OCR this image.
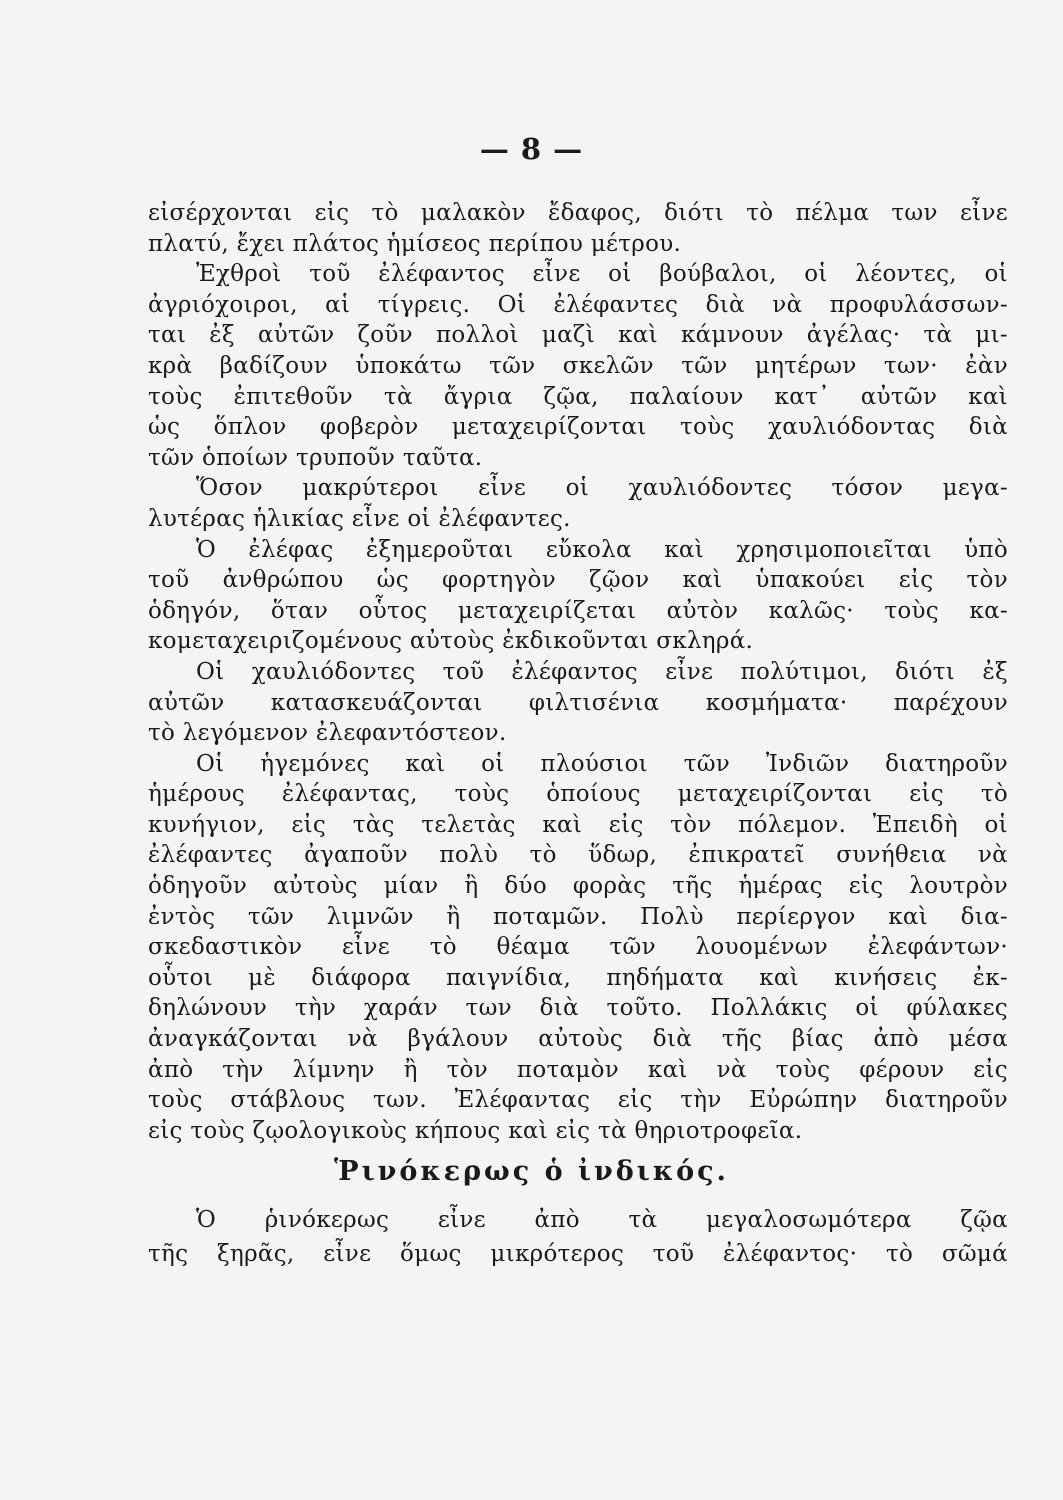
— 8 —
εἰσέρχονται εἰς τὸ μαλακὸν ἔδαφος, διότι τὸ πέλμα των εἶνε
πλατύ, ἔχει πλάτος ἡμίσεος περίπου μέτρου.
Ἐχθροὶ τοῦ ἐλέφαντος εἶνε οἱ βούβαλοι, οἱ λέοντες, οἱ
ἀγριόχοιροι, αἱ τίγρεις. Οἱ ἐλέφαντες διὰ νὰ προφυλάσσων-
ται ἐξ αὐτῶν ζοῦν πολλοὶ μαζὶ καὶ κάμνουν ἀγέλας· τὰ μι-
κρὰ βαδίζουν ὑποκάτω τῶν σκελῶν τῶν μητέρων των· ἐὰν
τοὺς ἐπιτεθοῦν τὰ ἄγρια ζῷα, παλαίουν κατ᾽ αὐτῶν καὶ
ὡς ὅπλον φοβερὸν μεταχειρίζονται τοὺς χαυλιόδοντας διὰ
τῶν ὁποίων τρυποῦν ταῦτα.
Ὅσον μακρύτεροι εἶνε οἱ χαυλιόδοντες τόσον μεγα-
λυτέρας ἡλικίας εἶνε οἱ ἐλέφαντες.
Ὁ ἐλέφας ἐξημεροῦται εὔκολα καὶ χρησιμοποιεῖται ὑπὸ
τοῦ ἀνθρώπου ὡς φορτηγὸν ζῷον καὶ ὑπακούει εἰς τὸν
ὁδηγόν, ὅταν οὗτος μεταχειρίζεται αὐτὸν καλῶς· τοὺς κα-
κομεταχειριζομένους αὐτοὺς ἐκδικοῦνται σκληρά.
Οἱ χαυλιόδοντες τοῦ ἐλέφαντος εἶνε πολύτιμοι, διότι ἐξ
αὐτῶν κατασκευάζονται φιλτισένια κοσμήματα· παρέχουν
τὸ λεγόμενον ἐλεφαντόστεον.
Οἱ ἡγεμόνες καὶ οἱ πλούσιοι τῶν Ἰνδιῶν διατηροῦν
ἡμέρους ἐλέφαντας, τοὺς ὁποίους μεταχειρίζονται εἰς τὸ
κυνήγιον, εἰς τὰς τελετὰς καὶ εἰς τὸν πόλεμον. Ἐπειδὴ οἱ
ἐλέφαντες ἀγαποῦν πολὺ τὸ ὕδωρ, ἐπικρατεῖ συνήθεια νὰ
ὁδηγοῦν αὐτοὺς μίαν ἢ δύο φορὰς τῆς ἡμέρας εἰς λουτρὸν
ἐντὸς τῶν λιμνῶν ἢ ποταμῶν. Πολὺ περίεργον καὶ δια-
σκεδαστικὸν εἶνε τὸ θέαμα τῶν λουομένων ἐλεφάντων·
οὗτοι μὲ διάφορα παιγνίδια, πηδήματα καὶ κινήσεις ἐκ-
δηλώνουν τὴν χαράν των διὰ τοῦτο. Πολλάκις οἱ φύλακες
ἀναγκάζονται νὰ βγάλουν αὐτοὺς διὰ τῆς βίας ἀπὸ μέσα
ἀπὸ τὴν λίμνην ἢ τὸν ποταμὸν καὶ νὰ τοὺς φέρουν εἰς
τοὺς στάβλους των. Ἐλέφαντας εἰς τὴν Εὐρώπην διατηροῦν
εἰς τοὺς ζῳολογικοὺς κήπους καὶ εἰς τὰ θηριοτροφεῖα.
Ῥινόκερως ὁ ἰνδικός.
Ὁ ῥινόκερως εἶνε ἀπὸ τὰ μεγαλοσωμότερα ζῷα
τῆς ξηρᾶς, εἶνε ὅμως μικρότερος τοῦ ἐλέφαντος· τὸ σῶμά
